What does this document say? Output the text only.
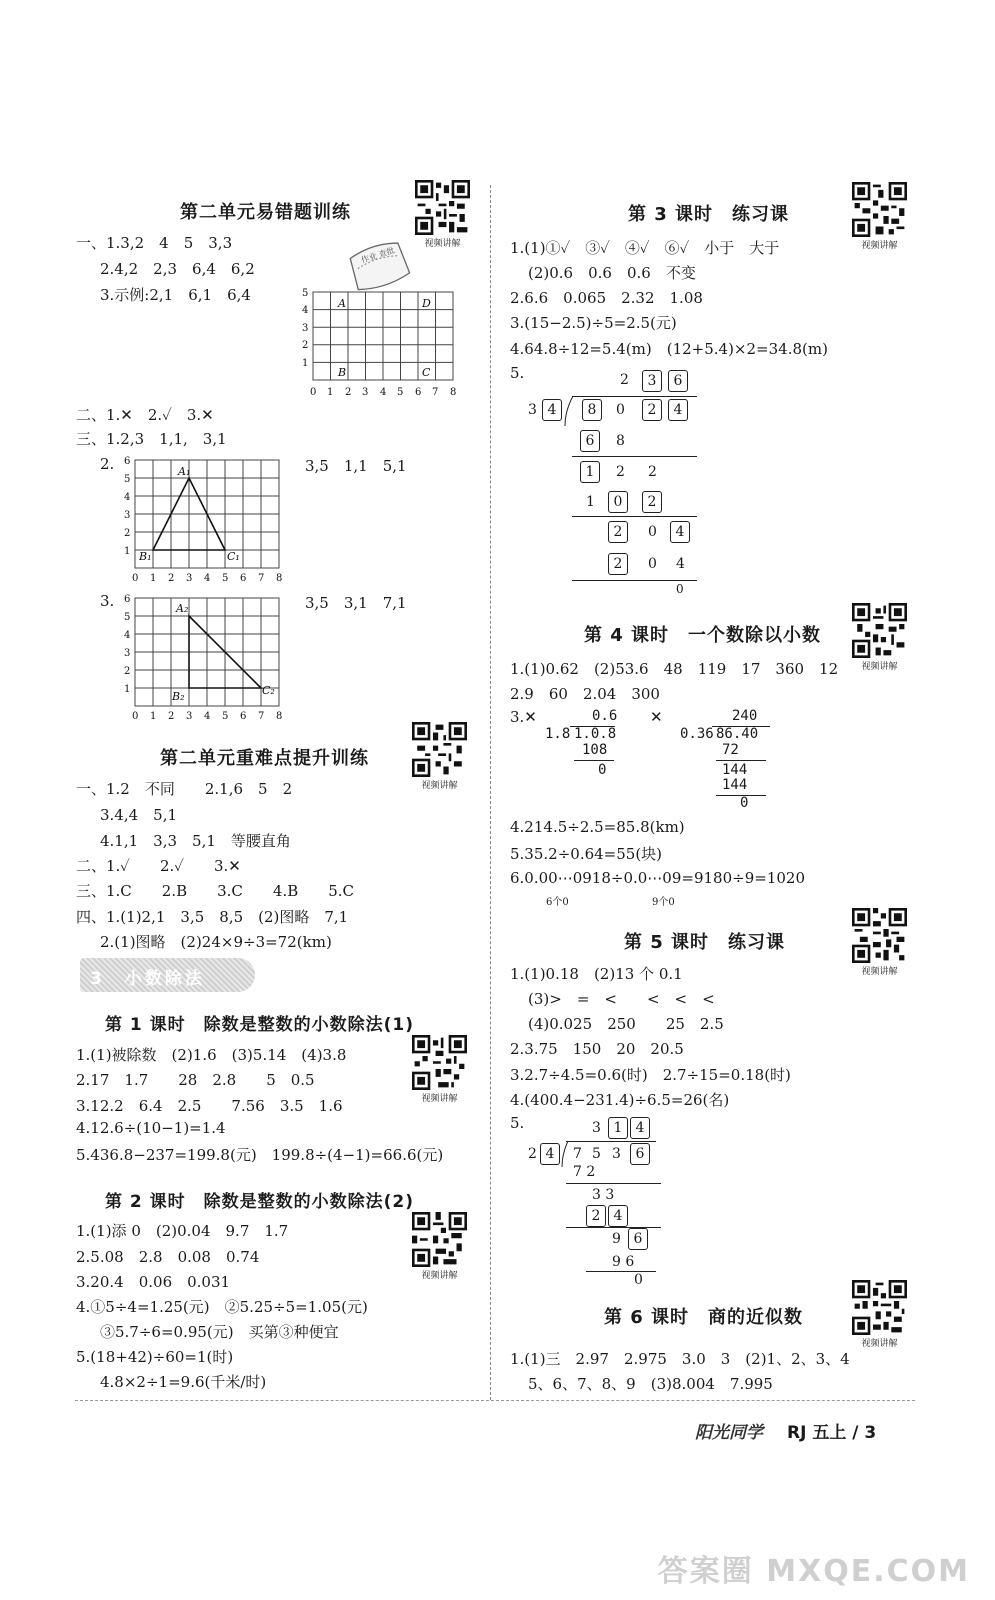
第二单元易错题训练
视频讲解
一、1.3,2　4　5　3,3
2.4,2　2,3　6,4　6,2
3.示例:2,1　6,1　6,4
0 1 2 3 4 5 6 7 8
5
4
3
2
1
A	D
B	C
作业 查批
二、1.✕　2.✓　3.✕
三、1.2,3　1,1,　3,1
2.	3,5　1,1　5,1
0 1 2 3 4 5 6 7 8
6
5
4
3
2
1
A₁
B₁	C₁
3.	3,5　3,1　7,1
0 1 2 3 4 5 6 7 8
6
5
4
3
2
1
A₂
B₂	C₂
第二单元重难点提升训练
视频讲解
一、1.2　不同　　2.1,6　5　2
3.4,4　5,1
4.1,1　3,3　5,1　等腰直角
二、1.✓　　2.✓　　3.✕
三、1.C　　2.B　　3.C　　4.B　　5.C
四、1.(1)2,1　3,5　8,5　(2)图略　7,1
2.(1)图略　(2)24×9÷3=72(km)
3　小数除法
第 1 课时　除数是整数的小数除法(1)
视频讲解
1.(1)被除数　(2)1.6　(3)5.14　(4)3.8
2.17　1.7　　28　2.8　　5　0.5
3.12.2　6.4　2.5　　7.56　3.5　1.6
4.12.6÷(10−1)=1.4
5.436.8−237=199.8(元)　199.8÷(4−1)=66.6(元)
第 2 课时　除数是整数的小数除法(2)
视频讲解
1.(1)添 0　(2)0.04　9.7　1.7
2.5.08　2.8　0.08　0.74
3.20.4　0.06　0.031
4.①5÷4=1.25(元)　②5.25÷5=1.05(元)
③5.7÷6=0.95(元)　买第③种便宜
5.(18+42)÷60=1(时)
4.8×2÷1=9.6(千米/时)
第 3 课时　练习课
视频讲解
1.(1)①✓　③✓　④✓　⑥✓　小于　大于
(2)0.6　0.6　0.6　不变
2.6.6　0.065　2.32　1.08
3.(15−2.5)÷5=2.5(元)
4.64.8÷12=5.4(m)　(12+5.4)×2=34.8(m)
5.	2	3	6
3 4	8	0	2	4
6	8
1	2 2
1	0	2
2	0	4
2	0 4
0
第 4 课时　一个数除以小数
视频讲解
1.(1)0.62　(2)53.6　48　119　17　360　12
2.9　60　2.04　300
3.✕	✕
0.6
1.8 1.0.8
108
0
240
0.36 86.40
72
144
144
0
4.214.5÷2.5=85.8(km)
5.35.2÷0.64=55(块)
6.0.00⋯0918÷0.0⋯09=9180÷9=1020
6个0	9个0
第 5 课时　练习课
视频讲解
1.(1)0.18　(2)13 个 0.1
(3)>　=　<　　<　<　<
(4)0.025　250　　25　2.5
2.3.75　150　20　20.5
3.2.7÷4.5=0.6(时)　2.7÷15=0.18(时)
4.(400.4−231.4)÷6.5=26(名)
5.	3 1 4
2 4	7 5 3	6
7 2
3 3
2 4
9 6
9 6
0
第 6 课时　商的近似数
视频讲解
1.(1)三　2.97　2.975　3.0　3　(2)1、2、3、4
5、6、7、8、9　(3)8.004　7.995
阳光同学 RJ 五上 / 3
答案圈 MXQE.COM
